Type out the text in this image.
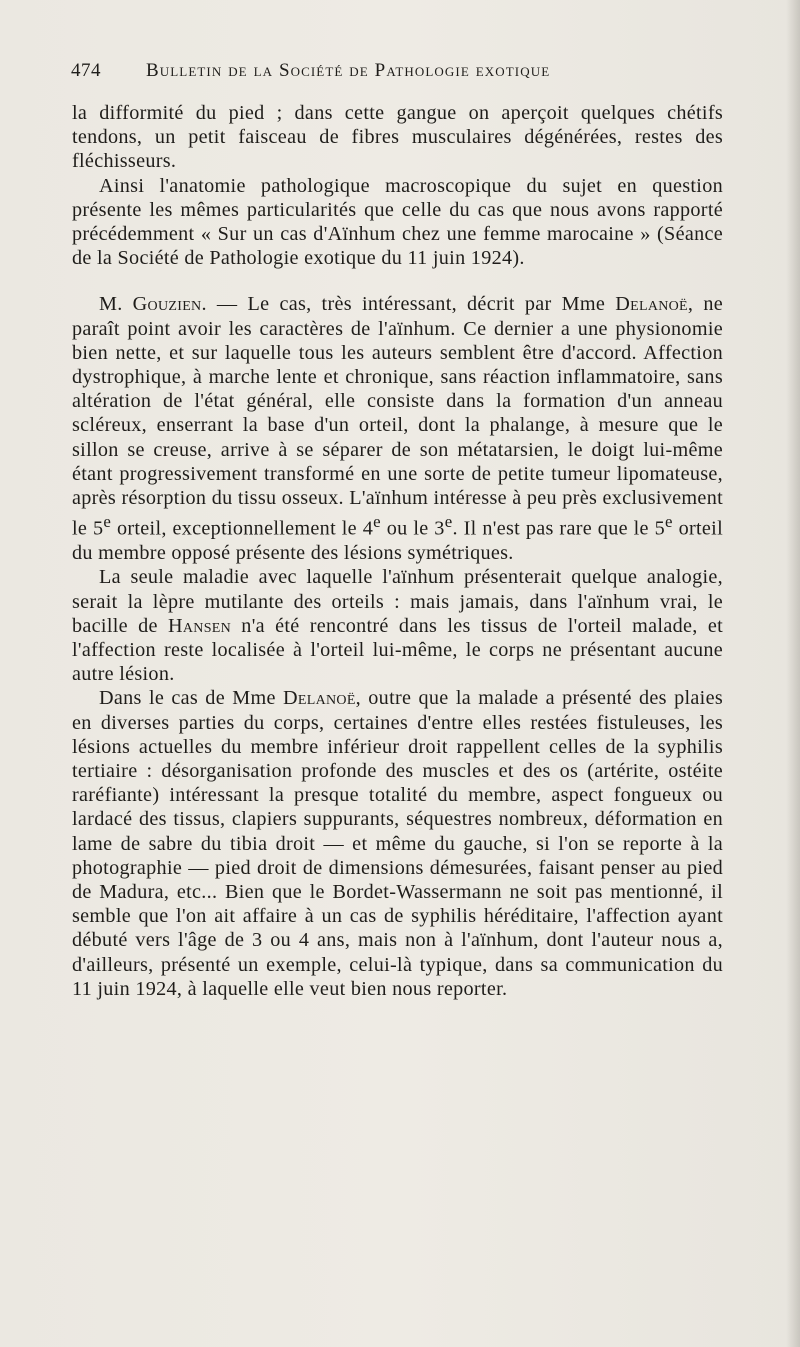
474 Bulletin de la Société de Pathologie exotique

la difformité du pied ; dans cette gangue on aperçoit quelques chétifs tendons, un petit faisceau de fibres musculaires dégénérées, restes des fléchisseurs.

Ainsi l'anatomie pathologique macroscopique du sujet en question présente les mêmes particularités que celle du cas que nous avons rapporté précédemment « Sur un cas d'Aïnhum chez une femme marocaine » (Séance de la Société de Pathologie exotique du 11 juin 1924).

M. Gouzien. — Le cas, très intéressant, décrit par Mme Delanoë, ne paraît point avoir les caractères de l'aïnhum. Ce dernier a une physionomie bien nette, et sur laquelle tous les auteurs semblent être d'accord. Affection dystrophique, à marche lente et chronique, sans réaction inflammatoire, sans altération de l'état général, elle consiste dans la formation d'un anneau scléreux, enserrant la base d'un orteil, dont la phalange, à mesure que le sillon se creuse, arrive à se séparer de son métatarsien, le doigt lui-même étant progressivement transformé en une sorte de petite tumeur lipomateuse, après résorption du tissu osseux. L'aïnhum intéresse à peu près exclusivement le 5e orteil, exceptionnellement le 4e ou le 3e. Il n'est pas rare que le 5e orteil du membre opposé présente des lésions symétriques.

La seule maladie avec laquelle l'aïnhum présenterait quelque analogie, serait la lèpre mutilante des orteils : mais jamais, dans l'aïnhum vrai, le bacille de Hansen n'a été rencontré dans les tissus de l'orteil malade, et l'affection reste localisée à l'orteil lui-même, le corps ne présentant aucune autre lésion.

Dans le cas de Mme Delanoë, outre que la malade a présenté des plaies en diverses parties du corps, certaines d'entre elles restées fistuleuses, les lésions actuelles du membre inférieur droit rappellent celles de la syphilis tertiaire : désorganisation profonde des muscles et des os (artérite, ostéite raréfiante) intéressant la presque totalité du membre, aspect fongueux ou lardacé des tissus, clapiers suppurants, séquestres nombreux, déformation en lame de sabre du tibia droit — et même du gauche, si l'on se reporte à la photographie — pied droit de dimensions démesurées, faisant penser au pied de Madura, etc... Bien que le Bordet-Wassermann ne soit pas mentionné, il semble que l'on ait affaire à un cas de syphilis héréditaire, l'affection ayant débuté vers l'âge de 3 ou 4 ans, mais non à l'aïnhum, dont l'auteur nous a, d'ailleurs, présenté un exemple, celui-là typique, dans sa communication du 11 juin 1924, à laquelle elle veut bien nous reporter.
